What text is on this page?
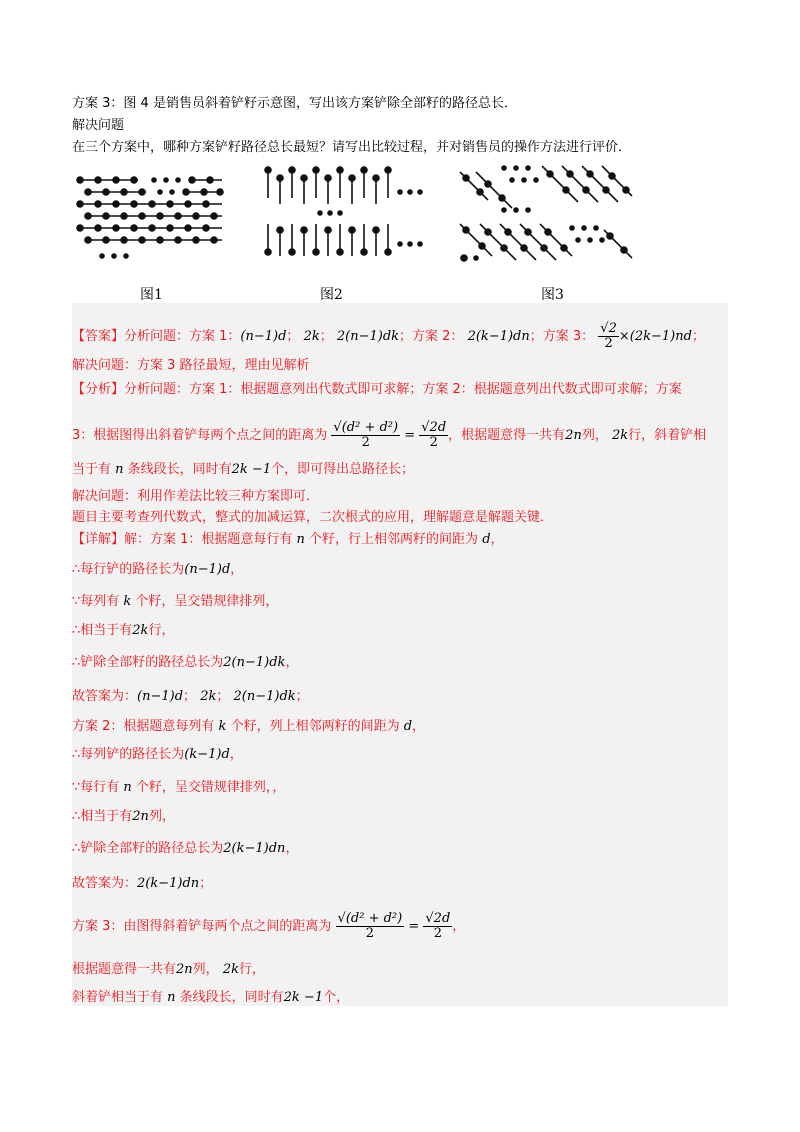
方案 3：图 4 是销售员斜着铲籽示意图，写出该方案铲除全部籽的路径总长．
解决问题
在三个方案中，哪种方案铲籽路径总长最短？请写出比较过程，并对销售员的操作方法进行评价．
图1	图2	图3
【答案】分析问题：方案 1：(n−1)d； 2k； 2(n−1)dk；方案 2： 2(k−1)dn；方案 3： $\frac{√2}{2} \times(2k-1)nd$；
解决问题：方案 3 路径最短，理由见解析
【分析】分析问题：方案 1：根据题意列出代数式即可求解；方案 2：根据题意列出代数式即可求解；方案
3：根据图得出斜着铲每两个点之间的距离为 $\frac{\text{√(d² + d²)}}{2} = \frac{√2d}{2}$ ，根据题意得一共有2n列， 2k行，斜着铲相
当于有 n 条线段长，同时有2k −1个，即可得出总路径长；
解决问题：利用作差法比较三种方案即可．
题目主要考查列代数式，整式的加减运算，二次根式的应用，理解题意是解题关键．
【详解】解：方案 1：根据题意每行有 n 个籽，行上相邻两籽的间距为 d，
∴每行铲的路径长为(n−1)d，
∵每列有 k 个籽，呈交错规律排列，
∴相当于有2k行，
∴铲除全部籽的路径总长为2(n−1)dk，
故答案为：(n−1)d； 2k； 2(n−1)dk；
方案 2：根据题意每列有 k 个籽，列上相邻两籽的间距为 d，
∴每列铲的路径长为(k−1)d，
∵每行有 n 个籽，呈交错规律排列，，
∴相当于有2n列，
∴铲除全部籽的路径总长为2(k−1)dn，
故答案为：2(k−1)dn；
方案 3：由图得斜着铲每两个点之间的距离为 $\frac{\text{√(d² + d²)}}{2} = \frac{√2d}{2}$ ，
根据题意得一共有2n列， 2k行，
斜着铲相当于有 n 条线段长，同时有2k −1个，
